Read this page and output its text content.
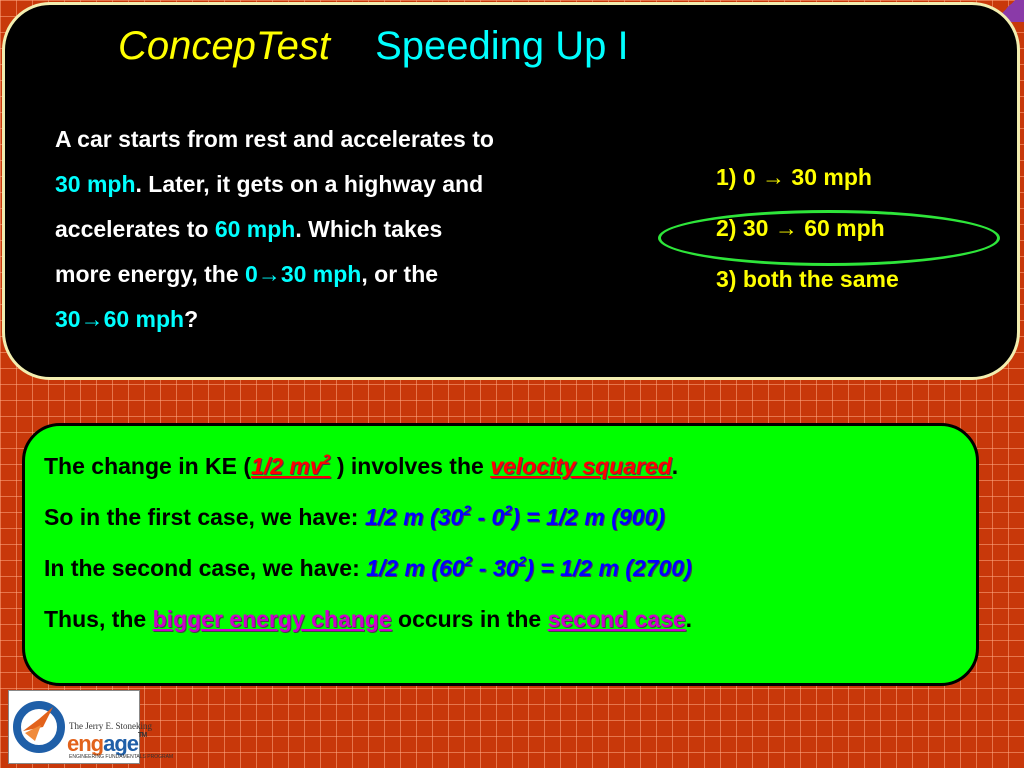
ConcepTest Speeding Up I
A car starts from rest and accelerates to
30 mph. Later, it gets on a highway and
accelerates to 60 mph. Which takes
more energy, the 0→30 mph, or the
30→60 mph?
1) 0 → 30 mph
2) 30 → 60 mph
3) both the same
The change in KE (1/2 $mv^2$ ) involves the velocity squared.
So in the first case, we have: 1/2 m $(30^2 - 0^2) = 1/2$ m (900)
In the second case, we have: 1/2 m $(60^2 - 30^2) = 1/2$ m (2700)
Thus, the bigger energy change occurs in the second case.
The Jerry E. Stoneking
engage™
ENGINEERING FUNDAMENTALS PROGRAM
